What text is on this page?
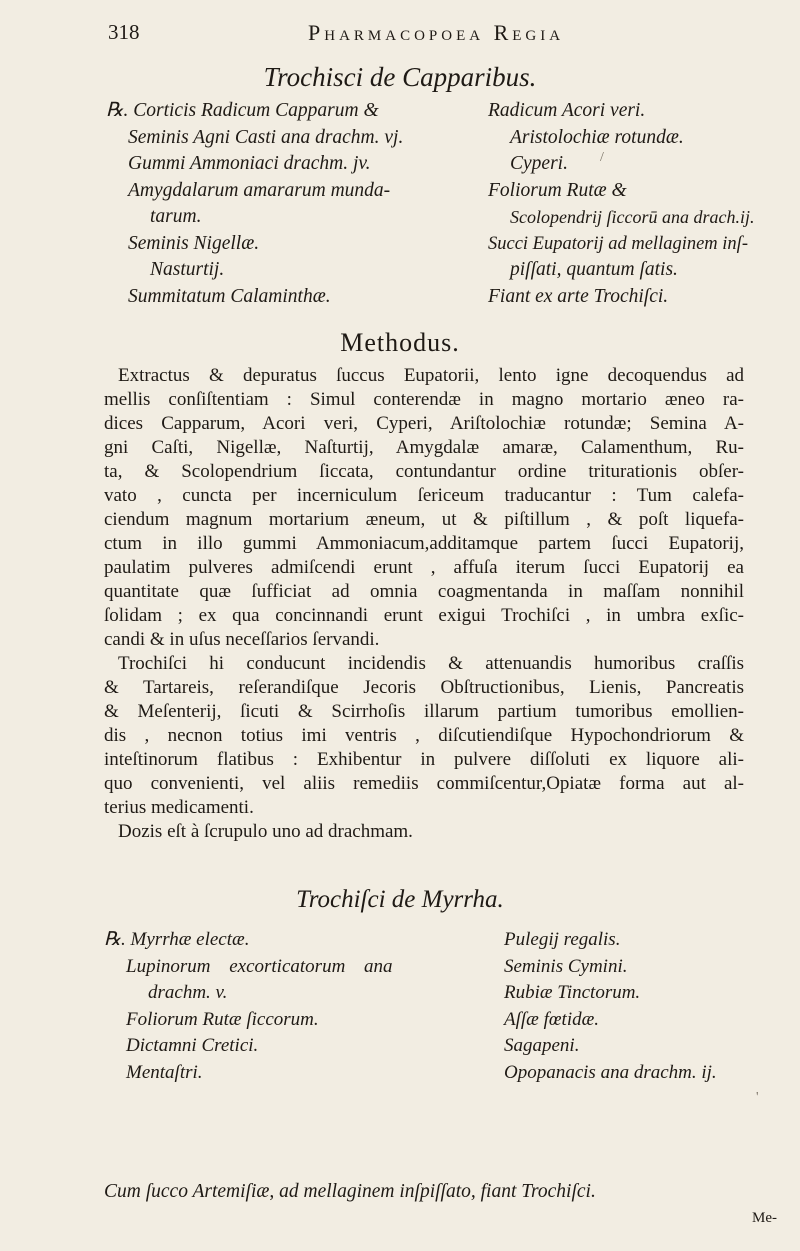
318	Pharmacopoea Regia
Trochisci de Capparibus.
℞. Corticis Radicum Capparum &
Seminis Agni Casti ana drachm. vj.
Gummi Ammoniaci drachm. jv.
Amygdalarum amararum munda-
tarum.
Seminis Nigellæ.
Nasturtij.
Summitatum Calaminthæ.
Radicum Acori veri.
Aristolochiæ rotundæ.
Cyperi.
Foliorum Rutæ &
Scolopendrij ſiccorū ana drach.ij.
Succi Eupatorij ad mellaginem inſ-
piſſati, quantum ſatis.
Fiant ex arte Trochiſci.
Methodus.
Extractus & depuratus ſuccus Eupatorii, lento igne decoquendus ad
mellis conſiſtentiam : Simul conterendæ in magno mortario æneo ra-
dices Capparum, Acori veri, Cyperi, Ariſtolochiæ rotundæ; Semina A-
gni Caſti, Nigellæ, Naſturtij, Amygdalæ amaræ, Calamenthum, Ru-
ta, & Scolopendrium ſiccata, contundantur ordine triturationis obſer-
vato , cuncta per incerniculum ſericeum traducantur : Tum calefa-
ciendum magnum mortarium æneum, ut & piſtillum , & poſt liquefa-
ctum in illo gummi Ammoniacum,additamque partem ſucci Eupatorij,
paulatim pulveres admiſcendi erunt , affuſa iterum ſucci Eupatorij ea
quantitate quæ ſufficiat ad omnia coagmentanda in maſſam nonnihil
ſolidam ; ex qua concinnandi erunt exigui Trochiſci , in umbra exſic-
candi & in uſus neceſſarios ſervandi.
Trochiſci hi conducunt incidendis & attenuandis humoribus craſſis
& Tartareis, reſerandiſque Jecoris Obſtructionibus, Lienis, Pancreatis
& Meſenterij, ſicuti & Scirrhoſis illarum partium tumoribus emollien-
dis , necnon totius imi ventris , diſcutiendiſque Hypochondriorum &
inteſtinorum flatibus : Exhibentur in pulvere diſſoluti ex liquore ali-
quo convenienti, vel aliis remediis commiſcentur,Opiatæ forma aut al-
terius medicamenti.
Dozis eſt à ſcrupulo uno ad drachmam.
Trochiſci de Myrrha.
℞. Myrrhæ electæ.
Lupinorum excorticatorum ana
drachm. v.
Foliorum Rutæ ſiccorum.
Dictamni Cretici.
Mentaſtri.
Pulegij regalis.
Seminis Cymini.
Rubiæ Tinctorum.
Aſſæ fœtidæ.
Sagapeni.
Opopanacis ana drachm. ij.
Cum ſucco Artemiſiæ, ad mellaginem inſpiſſato, fiant Trochiſci.
Me-
/
'
